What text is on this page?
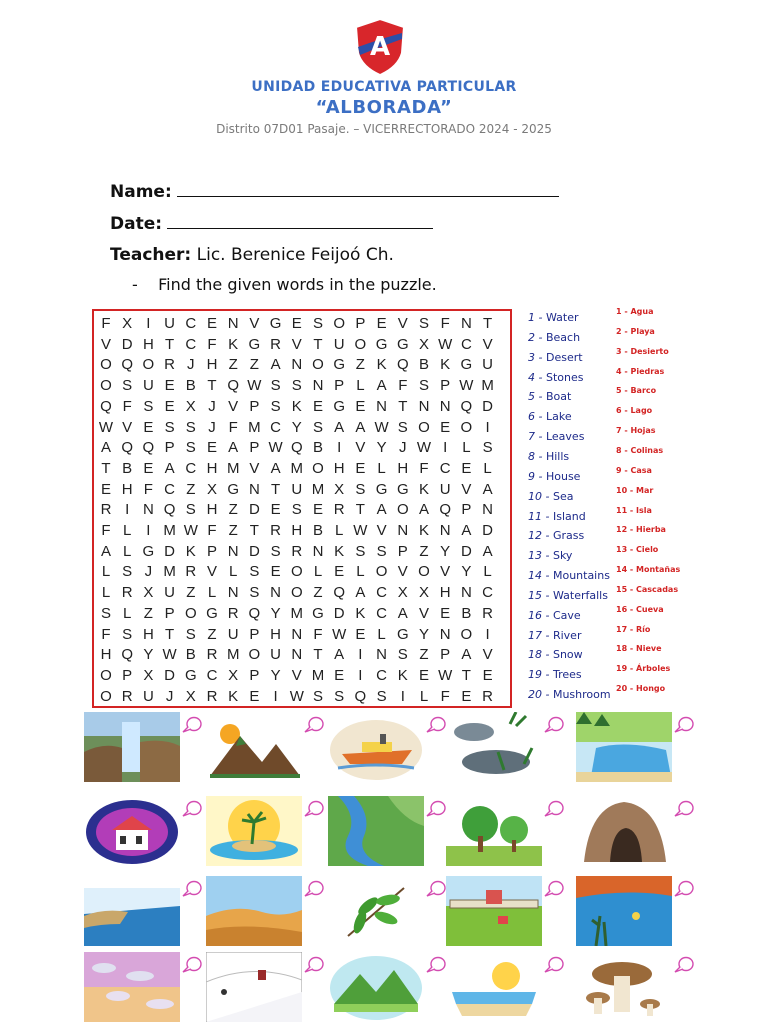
A
UNIDAD EDUCATIVA PARTICULAR
“ALBORADA”
Distrito 07D01 Pasaje. – VICERRECTORADO 2024 - 2025
Name:
Date:
Teacher: Lic. Berenice Feijoó Ch.
- Find the given words in the puzzle.
F X I U C E N V G E S O P E V S F N T
V D H T C F K G R V T U O G G X W C V
O Q O R J H Z Z A N O G Z K Q B K G U
O S U E B T Q W S S N P L A F S P W M
Q F S E X J V P S K E G E N T N N Q D
W V E S S J F M C Y S A A W S O E O I
A Q Q P S E A P W Q B I V Y J W I L S
T B E A C H M V A M O H E L H F C E L
E H F C Z X G N T U M X S G G K U V A
R I N Q S H Z D E S E R T A O A Q P N
F L I M W F Z T R H B L W V N K N A D
A L G D K P N D S R N K S S P Z Y D A
L S J M R V L S E O L E L O V O V Y L
L R X U Z L N S N O Z Q A C X X H N C
S L Z P O G R Q Y M G D K C A V E B R
F S H T S Z U P H N F W E L G Y N O I
H Q Y W B R M O U N T A I N S Z P A V
O P X D G C X P Y V M E I C K E W T E
O R U J X R K E I W S S Q S I L F E R
1 - Water	1 - Agua
2 - Beach	2 - Playa
3 - Desert	3 - Desierto
4 - Stones	4 - Piedras
5 - Boat	5 - Barco
6 - Lake	6 - Lago
7 - Leaves	7 - Hojas
8 - Hills	8 - Colinas
9 - House	9 - Casa
10 - Sea	10 - Mar
11 - Island	11 - Isla
12 - Grass	12 - Hierba
13 - Sky	13 - Cielo
14 - Mountains 14 - Montañas
15 - Waterfalls 15 - Cascadas
16 - Cave	16 - Cueva
17 - River	17 - Río
18 - Snow	18 - Nieve
19 - Trees	19 - Árboles
20 - Mushroom 20 - Hongo
